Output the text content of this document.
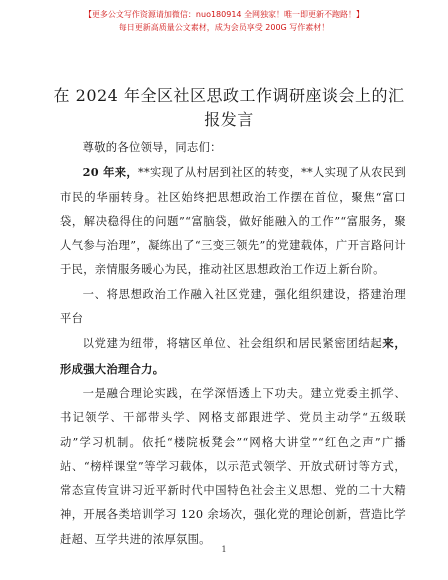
【更多公文写作资源请加微信：nuo180914 全网独家！唯一即更新不跑路！】
每日更新高质量公文素材，成为会员享受 200G 写作素材！
在 2024 年全区社区思政工作调研座谈会上的汇报发言

尊敬的各位领导，同志们：

20 年来，**实现了从村居到社区的转变，**人实现了从农民到市民的华丽转身。社区始终把思想政治工作摆在首位，聚焦“富口袋，解决稳得住的问题”“富脑袋，做好能融入的工作”“富服务，聚人气参与治理”，凝练出了“三变三领先”的党建载体，广开言路问计于民，亲情服务暖心为民，推动社区思想政治工作迈上新台阶。

一、将思想政治工作融入社区党建，强化组织建设，搭建治理平台

以党建为纽带，将辖区单位、社会组织和居民紧密团结起来，形成强大治理合力。

一是融合理论实践，在学深悟透上下功夫。建立党委主抓学、书记领学、干部带头学、网格支部跟进学、党员主动学“五级联动”学习机制。依托“楼院板凳会”“网格大讲堂”“红色之声”广播站、“榜样课堂”等学习载体，以示范式领学、开放式研讨等方式，常态宣传宣讲习近平新时代中国特色社会主义思想、党的二十大精神，开展各类培训学习 120 余场次，强化党的理论创新，营造比学赶超、互学共进的浓厚氛围。

1
